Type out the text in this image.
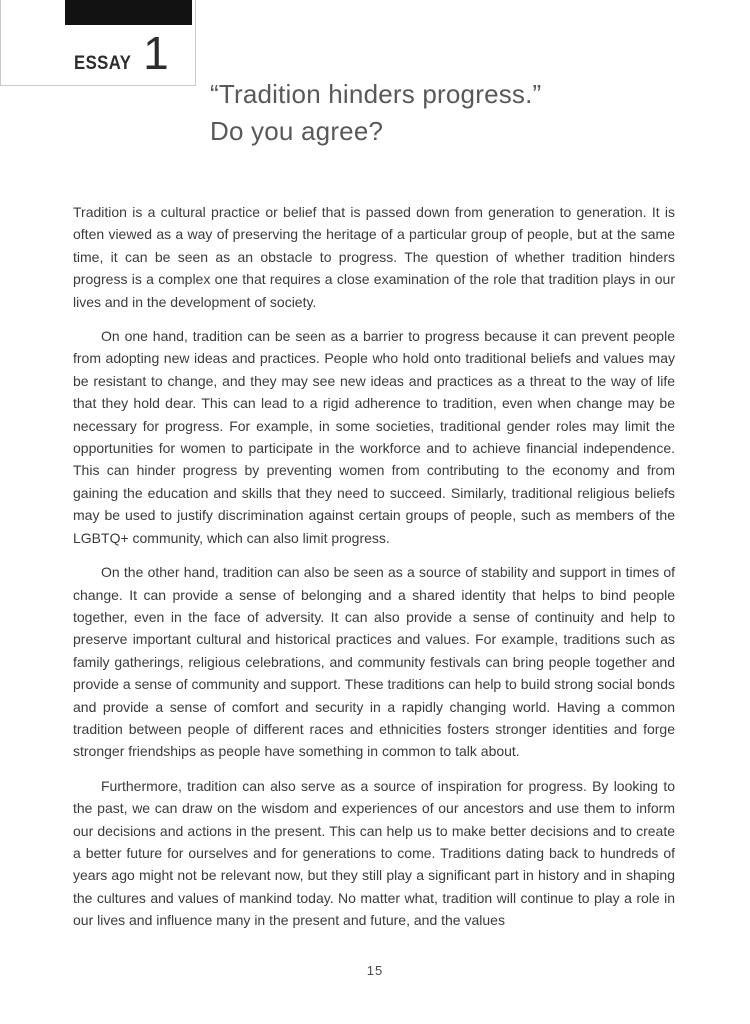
ESSAY 1
“Tradition hinders progress.”
Do you agree?

Tradition is a cultural practice or belief that is passed down from generation to generation. It is often viewed as a way of preserving the heritage of a particular group of people, but at the same time, it can be seen as an obstacle to progress. The question of whether tradition hinders progress is a complex one that requires a close examination of the role that tradition plays in our lives and in the development of society.

On one hand, tradition can be seen as a barrier to progress because it can prevent people from adopting new ideas and practices. People who hold onto traditional beliefs and values may be resistant to change, and they may see new ideas and practices as a threat to the way of life that they hold dear. This can lead to a rigid adherence to tradition, even when change may be necessary for progress. For example, in some societies, traditional gender roles may limit the opportunities for women to participate in the workforce and to achieve financial independence. This can hinder progress by preventing women from contributing to the economy and from gaining the education and skills that they need to succeed. Similarly, traditional religious beliefs may be used to justify discrimination against certain groups of people, such as members of the LGBTQ+ community, which can also limit progress.

On the other hand, tradition can also be seen as a source of stability and support in times of change. It can provide a sense of belonging and a shared identity that helps to bind people together, even in the face of adversity. It can also provide a sense of continuity and help to preserve important cultural and historical practices and values. For example, traditions such as family gatherings, religious celebrations, and community festivals can bring people together and provide a sense of community and support. These traditions can help to build strong social bonds and provide a sense of comfort and security in a rapidly changing world. Having a common tradition between people of different races and ethnicities fosters stronger identities and forge stronger friendships as people have something in common to talk about.

Furthermore, tradition can also serve as a source of inspiration for progress. By looking to the past, we can draw on the wisdom and experiences of our ancestors and use them to inform our decisions and actions in the present. This can help us to make better decisions and to create a better future for ourselves and for generations to come. Traditions dating back to hundreds of years ago might not be relevant now, but they still play a significant part in history and in shaping the cultures and values of mankind today. No matter what, tradition will continue to play a role in our lives and influence many in the present and future, and the values

15
